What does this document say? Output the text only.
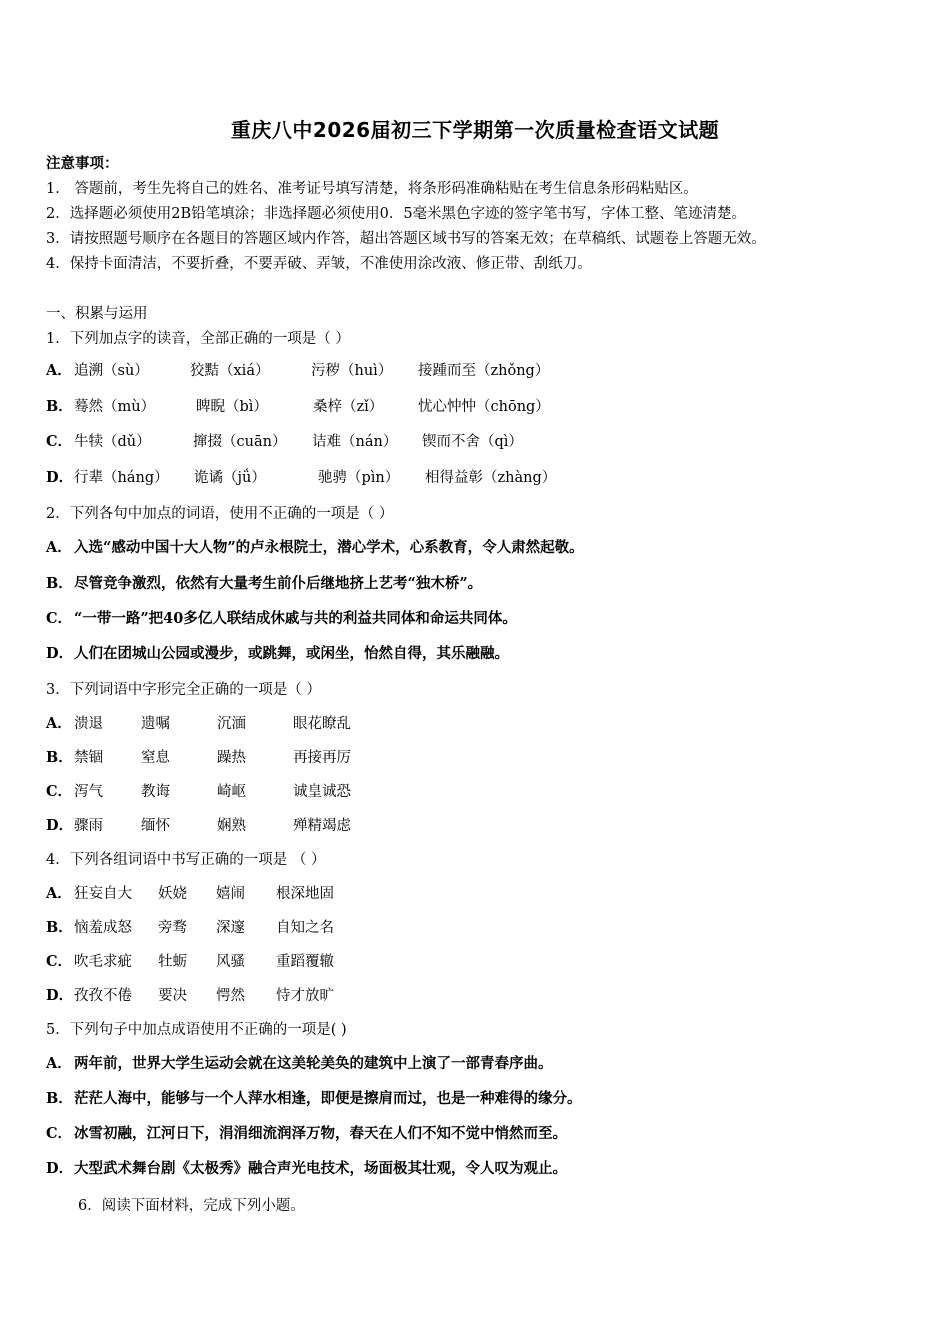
重庆八中2026届初三下学期第一次质量检查语文试题
注意事项：
1． 答题前，考生先将自己的姓名、准考证号填写清楚，将条形码准确粘贴在考生信息条形码粘贴区。
2．选择题必须使用2B铅笔填涂；非选择题必须使用0．5毫米黑色字迹的签字笔书写，字体工整、笔迹清楚。
3．请按照题号顺序在各题目的答题区域内作答，超出答题区域书写的答案无效；在草稿纸、试题卷上答题无效。
4．保持卡面清洁，不要折叠，不要弄破、弄皱，不准使用涂改液、修正带、刮纸刀。
一、积累与运用
1．下列加点字的读音，全部正确的一项是（ ）
A． 追溯（sù）	狡黠（xiá）	污秽（huì） 接踵而至（zhǒng）
B．蓦然（mù）	睥睨（bì）	桑梓（zǐ） 忧心忡忡（chōng）
C． 牛犊（dǔ）	撺掇（cuān） 诘难（nán） 锲而不舍（qì）
D．行辈（háng） 诡谲（jǘ）	驰骋（pìn） 相得益彰（zhàng）
2．下列各句中加点的词语，使用不正确的一项是（ ）
A． 入选“感动中国十大人物”的卢永根院士，潜心学术，心系教育，令人肃然起敬。
B．尽管竞争激烈，依然有大量考生前仆后继地挤上艺考“独木桥”。
C． “一带一路”把40多亿人联结成休戚与共的利益共同体和命运共同体。
D．人们在团城山公园或漫步，或跳舞，或闲坐，怡然自得，其乐融融。
3．下列词语中字形完全正确的一项是（ ）
A． 溃退	遗嘱	沉湎	眼花瞭乱
B．禁锢	窒息	躁热	再接再厉
C． 泻气	教诲	崎岖	诚皇诚恐
D．骤雨	缅怀	娴熟	殚精竭虑
4．下列各组词语中书写正确的一项是 （ ）
A． 狂妄自大 妖娆 嬉闹 根深地固
B．恼羞成怒 旁骛 深邃 自知之名
C． 吹毛求疵 牡蛎 风骚 重蹈覆辙
D．孜孜不倦 要决 愕然 恃才放旷
5．下列句子中加点成语使用不正确的一项是( )
A． 两年前，世界大学生运动会就在这美轮美奂的建筑中上演了一部青春序曲。
B．茫茫人海中，能够与一个人萍水相逢，即便是擦肩而过，也是一种难得的缘分。
C． 冰雪初融，江河日下，涓涓细流润泽万物，春天在人们不知不觉中悄然而至。
D．大型武术舞台剧《太极秀》融合声光电技术，场面极其壮观，令人叹为观止。
6．阅读下面材料，完成下列小题。
